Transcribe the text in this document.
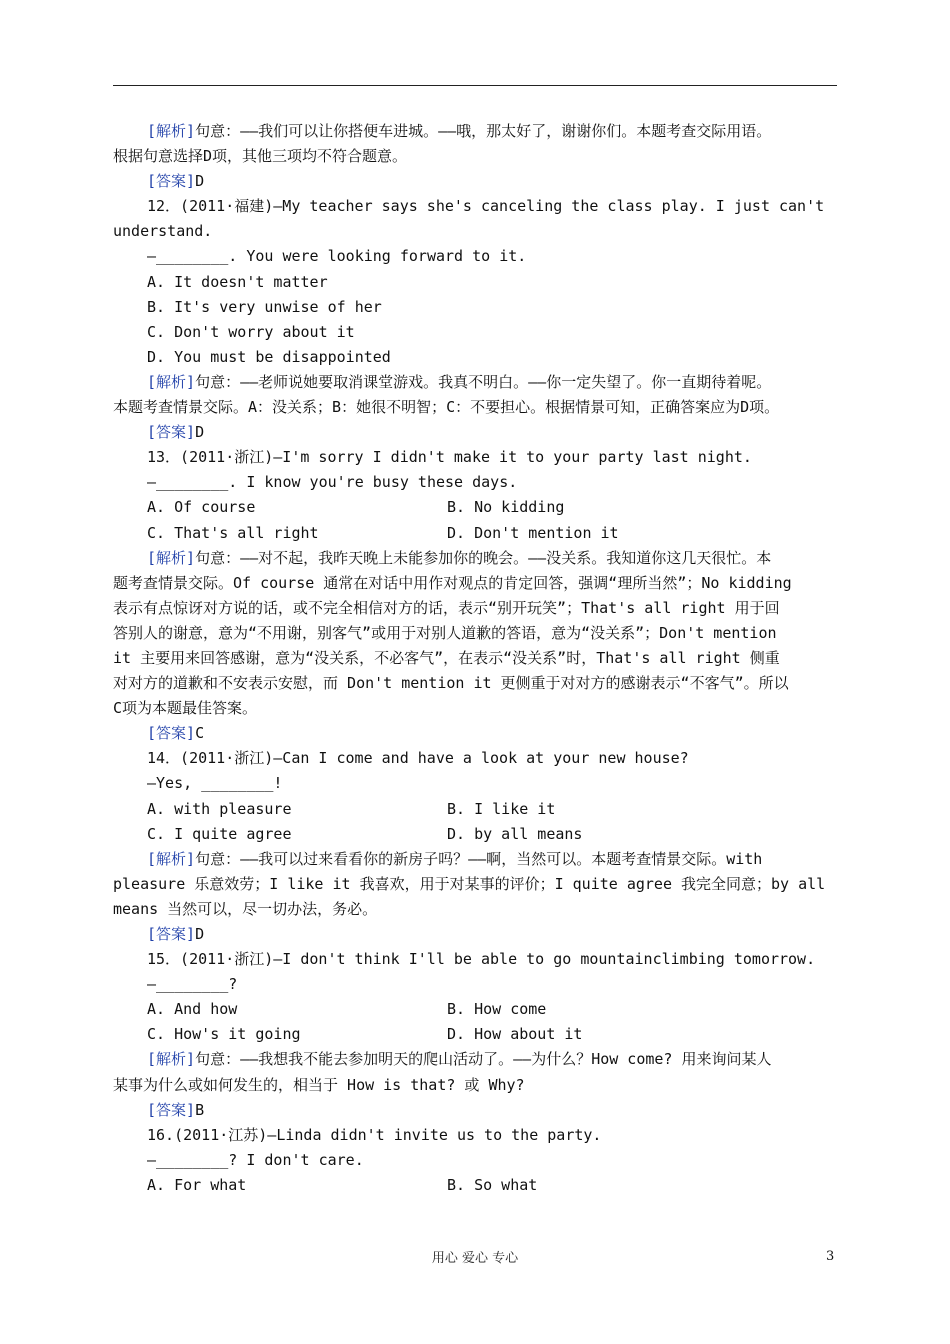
[解析]句意：——我们可以让你搭便车进城。——哦，那太好了，谢谢你们。本题考查交际用语。
根据句意选择D项，其他三项均不符合题意。
[答案]D
12．(2011·福建)—My teacher says she's canceling the class play. I just can't
understand.
—________. You were looking forward to it.
A. It doesn't matter
B. It's very unwise of her
C. Don't worry about it
D. You must be disappointed
[解析]句意：——老师说她要取消课堂游戏。我真不明白。——你一定失望了。你一直期待着呢。
本题考查情景交际。A：没关系；B：她很不明智；C：不要担心。根据情景可知，正确答案应为D项。
[答案]D
13．(2011·浙江)—I'm sorry I didn't make it to your party last night.
—________. I know you're busy these days.
A. Of course	B. No kidding
C. That's all right	D. Don't mention it
[解析]句意：——对不起，我昨天晚上未能参加你的晚会。——没关系。我知道你这几天很忙。本
题考查情景交际。Of course 通常在对话中用作对观点的肯定回答，强调“理所当然”；No kidding
表示有点惊讶对方说的话，或不完全相信对方的话，表示“别开玩笑”；That's all right 用于回
答别人的谢意，意为“不用谢，别客气”或用于对别人道歉的答语，意为“没关系”；Don't mention
it 主要用来回答感谢，意为“没关系，不必客气”，在表示“没关系”时，That's all right 侧重
对对方的道歉和不安表示安慰，而 Don't mention it 更侧重于对对方的感谢表示“不客气”。所以
C项为本题最佳答案。
[答案]C
14．(2011·浙江)—Can I come and have a look at your new house?
—Yes, ________!
A. with pleasure	B. I like it
C. I quite agree	D. by all means
[解析]句意：——我可以过来看看你的新房子吗？——啊，当然可以。本题考查情景交际。with
pleasure 乐意效劳；I like it 我喜欢，用于对某事的评价；I quite agree 我完全同意；by all
means 当然可以，尽一切办法，务必。
[答案]D
15．(2011·浙江)—I don't think I'll be able to go mountainclimbing tomorrow.
—________?
A. And how	B. How come
C. How's it going	D. How about it
[解析]句意：——我想我不能去参加明天的爬山活动了。——为什么？How come? 用来询问某人
某事为什么或如何发生的，相当于 How is that? 或 Why?
[答案]B
16.(2011·江苏)—Linda didn't invite us to the party.
—________? I don't care.
A. For what	B. So what
用心 爱心 专心	3
